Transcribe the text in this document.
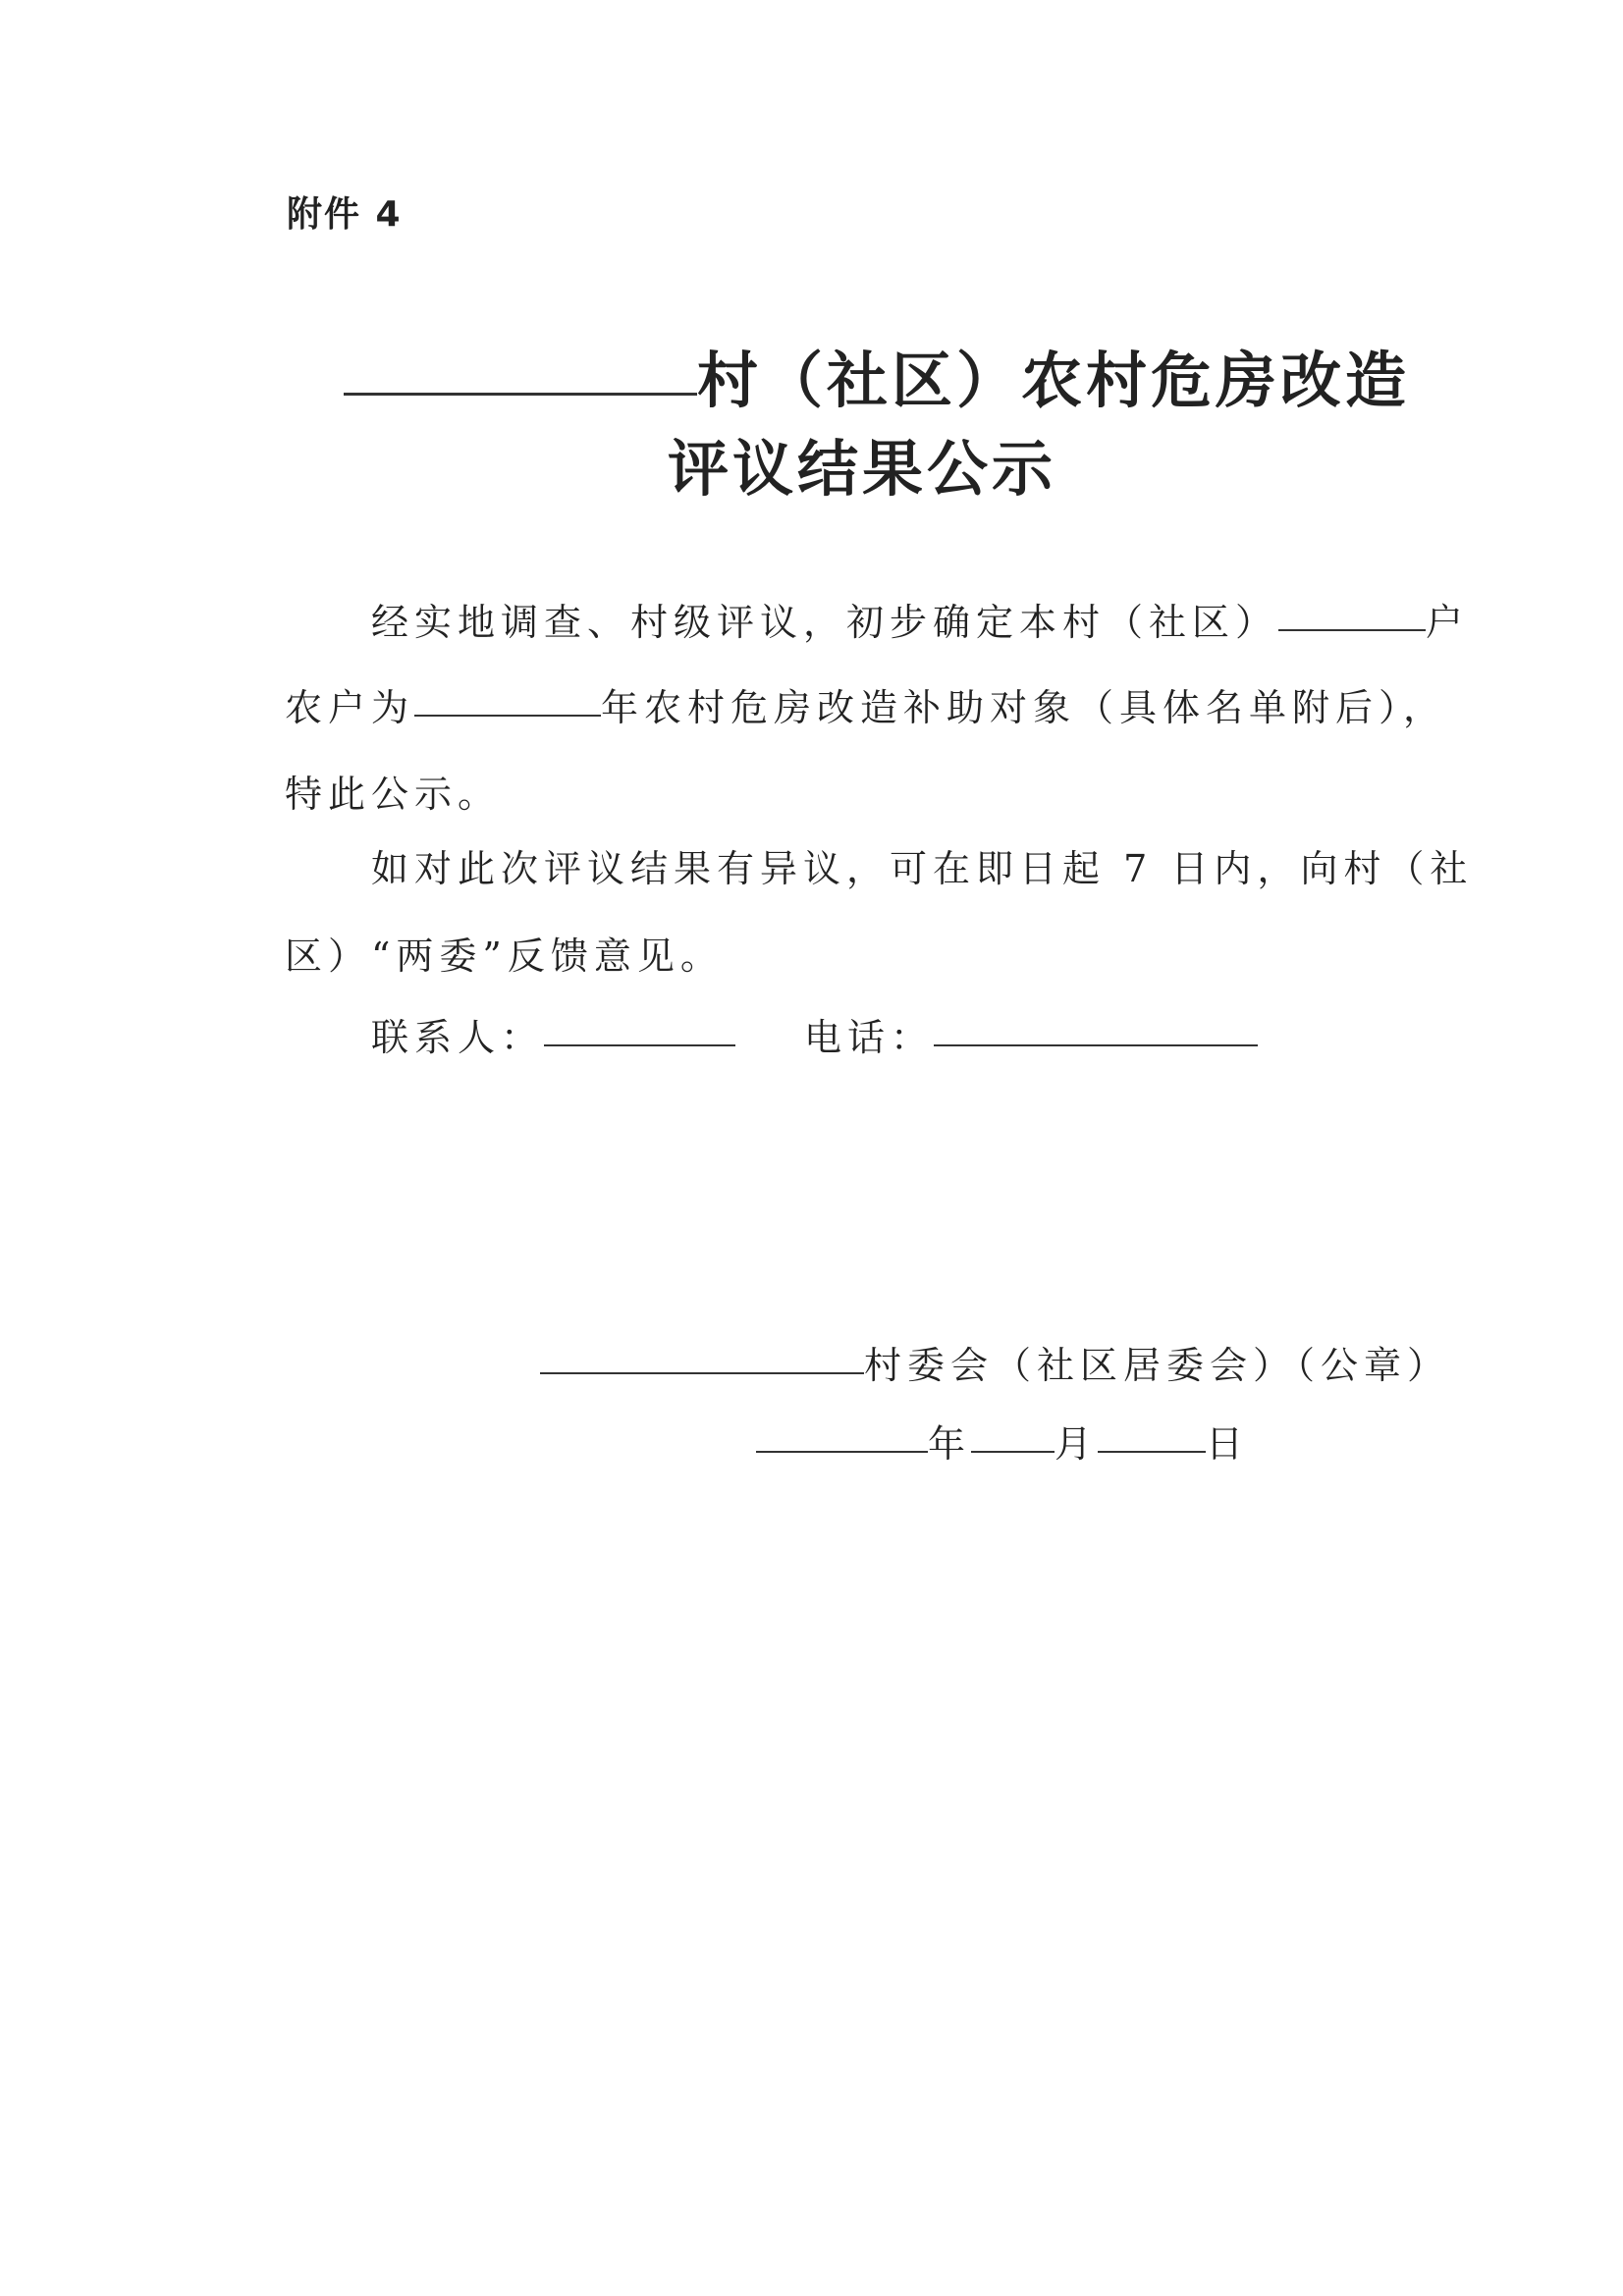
附件 4
村（社区）农村危房改造
评议结果公示
经实地调查、村级评议，初步确定本村（社区）	户
农户为	年农村危房改造补助对象（具体名单附后），
特此公示。
如对此次评议结果有异议，可在即日起 7 日内，向村（社
区）“两委”反馈意见。
联系人：	电话：
村委会（社区居委会）（公章）
年 月	日
